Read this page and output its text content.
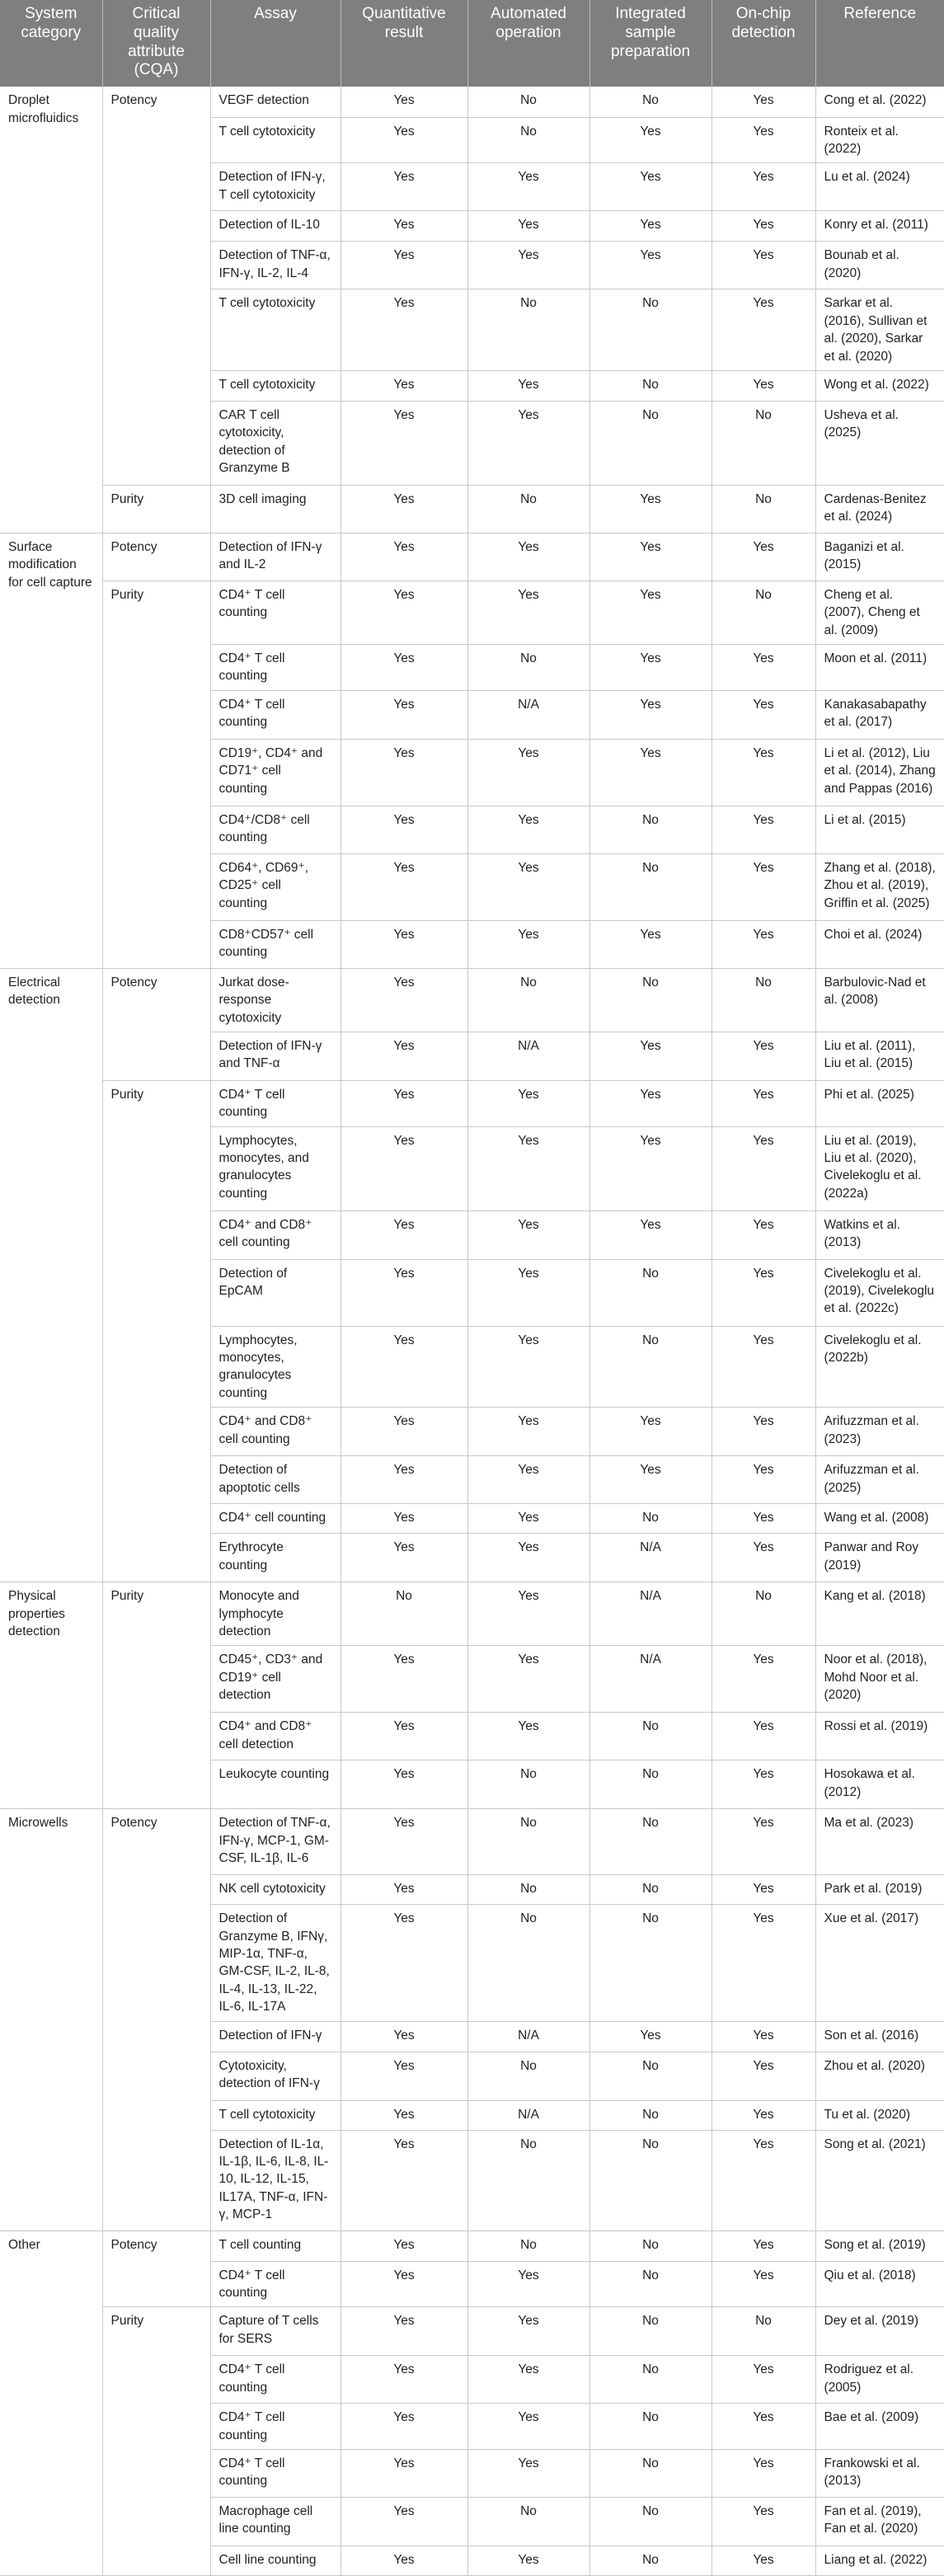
System category	Critical quality attribute (CQA)	Assay	Quantitative result	Automated operation	Integrated sample preparation	On-chip detection	Reference
Droplet microfluidics	Potency	VEGF detection	Yes	No	No	Yes	Cong et al. (2022)
		T cell cytotoxicity	Yes	No	Yes	Yes	Ronteix et al. (2022)
		Detection of IFN-γ, T cell cytotoxicity	Yes	Yes	Yes	Yes	Lu et al. (2024)
		Detection of IL-10	Yes	Yes	Yes	Yes	Konry et al. (2011)
		Detection of TNF-α, IFN-γ, IL-2, IL-4	Yes	Yes	Yes	Yes	Bounab et al. (2020)
		T cell cytotoxicity	Yes	No	No	Yes	Sarkar et al. (2016), Sullivan et al. (2020), Sarkar et al. (2020)
		T cell cytotoxicity	Yes	Yes	No	Yes	Wong et al. (2022)
		CAR T cell cytotoxicity, detection of Granzyme B	Yes	Yes	No	No	Usheva et al. (2025)
	Purity	3D cell imaging	Yes	No	Yes	No	Cardenas-Benitez et al. (2024)
Surface modification for cell capture	Potency	Detection of IFN-γ and IL-2	Yes	Yes	Yes	Yes	Baganizi et al. (2015)
	Purity	CD4⁺ T cell counting	Yes	Yes	Yes	No	Cheng et al. (2007), Cheng et al. (2009)
		CD4⁺ T cell counting	Yes	No	Yes	Yes	Moon et al. (2011)
		CD4⁺ T cell counting	Yes	N/A	Yes	Yes	Kanakasabapathy et al. (2017)
		CD19⁺, CD4⁺ and CD71⁺ cell counting	Yes	Yes	Yes	Yes	Li et al. (2012), Liu et al. (2014), Zhang and Pappas (2016)
		CD4⁺/CD8⁺ cell counting	Yes	Yes	No	Yes	Li et al. (2015)
		CD64⁺, CD69⁺, CD25⁺ cell counting	Yes	Yes	No	Yes	Zhang et al. (2018), Zhou et al. (2019), Griffin et al. (2025)
		CD8⁺CD57⁺ cell counting	Yes	Yes	Yes	Yes	Choi et al. (2024)
Electrical detection	Potency	Jurkat dose-response cytotoxicity	Yes	No	No	No	Barbulovic-Nad et al. (2008)
		Detection of IFN-γ and TNF-α	Yes	N/A	Yes	Yes	Liu et al. (2011), Liu et al. (2015)
	Purity	CD4⁺ T cell counting	Yes	Yes	Yes	Yes	Phi et al. (2025)
		Lymphocytes, monocytes, and granulocytes counting	Yes	Yes	Yes	Yes	Liu et al. (2019), Liu et al. (2020), Civelekoglu et al. (2022a)
		CD4⁺ and CD8⁺ cell counting	Yes	Yes	Yes	Yes	Watkins et al. (2013)
		Detection of EpCAM	Yes	Yes	No	Yes	Civelekoglu et al. (2019), Civelekoglu et al. (2022c)
		Lymphocytes, monocytes, granulocytes counting	Yes	Yes	No	Yes	Civelekoglu et al. (2022b)
		CD4⁺ and CD8⁺ cell counting	Yes	Yes	Yes	Yes	Arifuzzman et al. (2023)
		Detection of apoptotic cells	Yes	Yes	Yes	Yes	Arifuzzman et al. (2025)
		CD4⁺ cell counting	Yes	Yes	No	Yes	Wang et al. (2008)
		Erythrocyte counting	Yes	Yes	N/A	Yes	Panwar and Roy (2019)
Physical properties detection	Purity	Monocyte and lymphocyte detection	No	Yes	N/A	No	Kang et al. (2018)
		CD45⁺, CD3⁺ and CD19⁺ cell detection	Yes	Yes	N/A	Yes	Noor et al. (2018), Mohd Noor et al. (2020)
		CD4⁺ and CD8⁺ cell detection	Yes	Yes	No	Yes	Rossi et al. (2019)
		Leukocyte counting	Yes	No	No	Yes	Hosokawa et al. (2012)
Microwells	Potency	Detection of TNF-α, IFN-γ, MCP-1, GM-CSF, IL-1β, IL-6	Yes	No	No	Yes	Ma et al. (2023)
		NK cell cytotoxicity	Yes	No	No	Yes	Park et al. (2019)
		Detection of Granzyme B, IFNγ, MIP-1α, TNF-α, GM-CSF, IL-2, IL-8, IL-4, IL-13, IL-22, IL-6, IL-17A	Yes	No	No	Yes	Xue et al. (2017)
		Detection of IFN-γ	Yes	N/A	Yes	Yes	Son et al. (2016)
		Cytotoxicity, detection of IFN-γ	Yes	No	No	Yes	Zhou et al. (2020)
		T cell cytotoxicity	Yes	N/A	No	Yes	Tu et al. (2020)
		Detection of IL-1α, IL-1β, IL-6, IL-8, IL-10, IL-12, IL-15, IL17A, TNF-α, IFN-γ, MCP-1	Yes	No	No	Yes	Song et al. (2021)
Other	Potency	T cell counting	Yes	No	No	Yes	Song et al. (2019)
		CD4⁺ T cell counting	Yes	Yes	No	Yes	Qiu et al. (2018)
	Purity	Capture of T cells for SERS	Yes	Yes	No	No	Dey et al. (2019)
		CD4⁺ T cell counting	Yes	Yes	No	Yes	Rodriguez et al. (2005)
		CD4⁺ T cell counting	Yes	Yes	No	Yes	Bae et al. (2009)
		CD4⁺ T cell counting	Yes	Yes	No	Yes	Frankowski et al. (2013)
		Macrophage cell line counting	Yes	No	No	Yes	Fan et al. (2019), Fan et al. (2020)
		Cell line counting	Yes	Yes	No	Yes	Liang et al. (2022)
